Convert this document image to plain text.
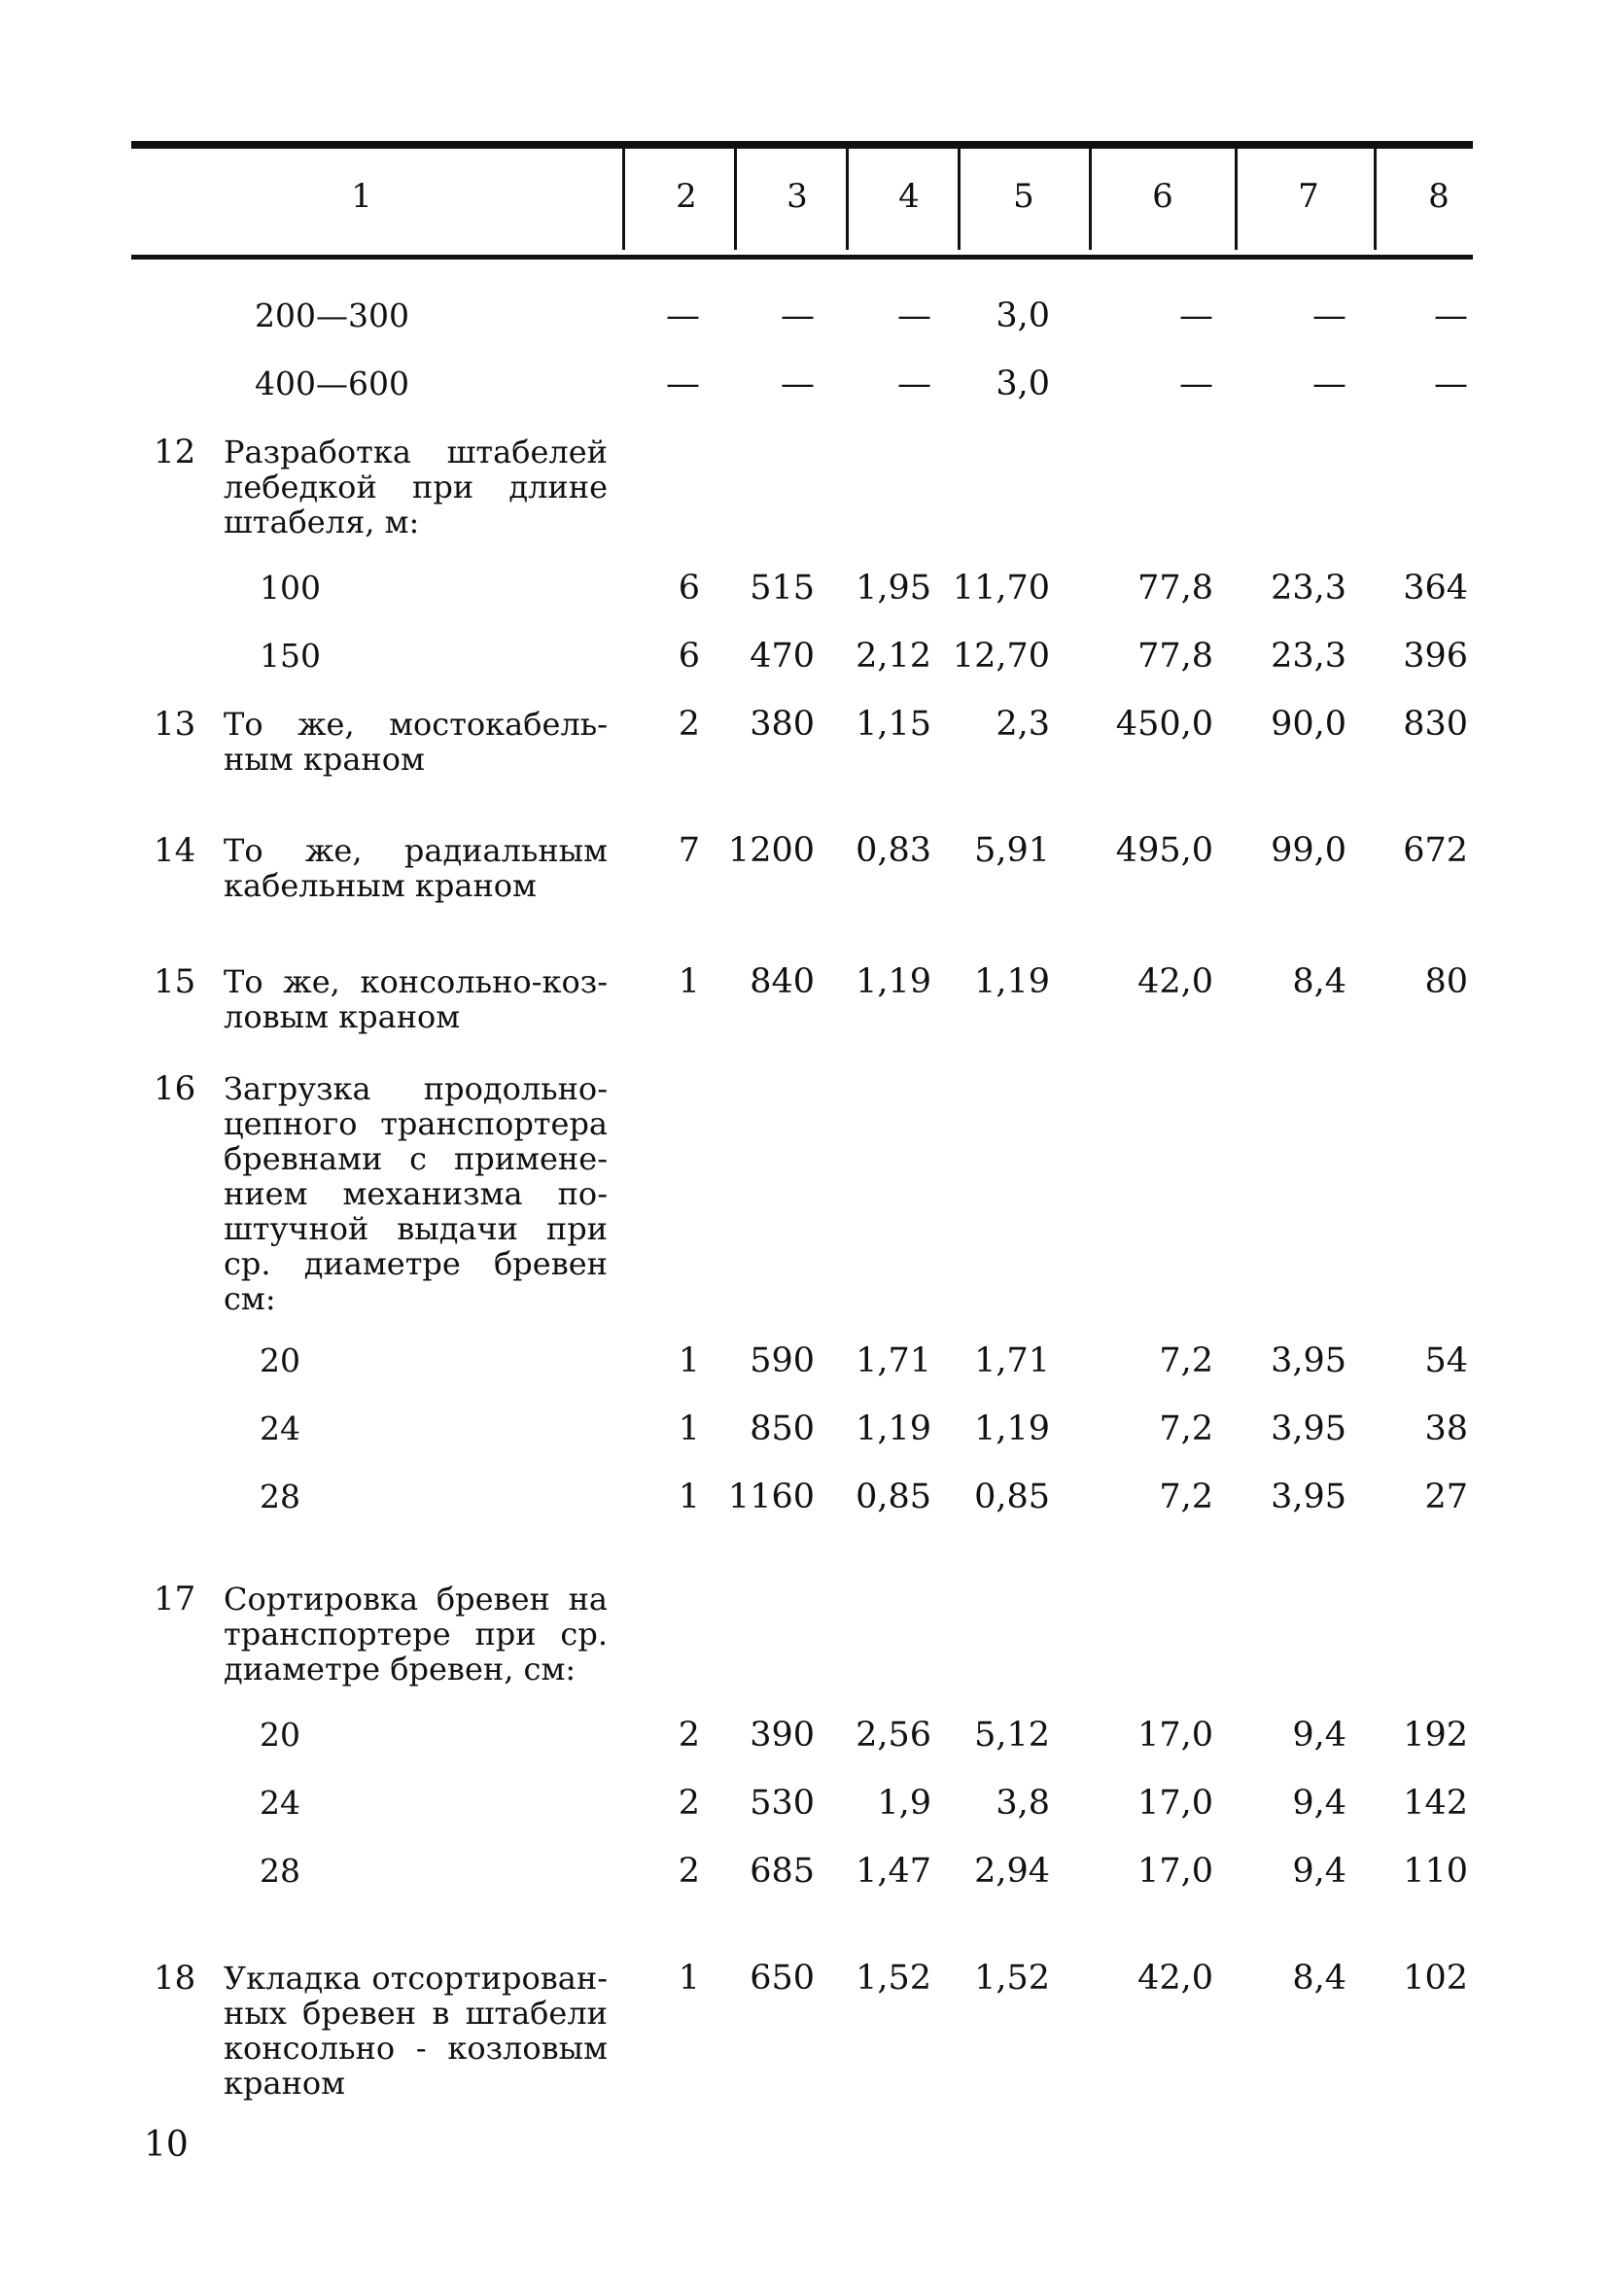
1	2	3	4	5	6	7	8
200—300	— — — 3,0	—	—	—
400—600	— — — 3,0	—	—	—
12 Разработка штабелей
лебедкой при длине
штабеля, м:
100	6 515 1,95 11,70	77,8 23,3 364
150	6 470 2,12 12,70	77,8 23,3 396
13 То же, мостокабель-
ным краном
2 380 1,15 2,3 450,0 90,0 830
14 То же, радиальным
кабельным краном
7 1200 0,83 5,91 495,0 99,0 672
15 То же, консольно-коз-
ловым краном
1 840 1,19 1,19	42,0 8,4 80
16 Загрузка продольно-
цепного транспортера
бревнами с примене-
нием механизма по-
штучной выдачи при
ср. диаметре бревен
см:
20	1 590 1,71 1,71	7,2 3,95 54
24	1 850 1,19 1,19	7,2 3,95 38
28	1 1160 0,85 0,85	7,2 3,95 27
17 Сортировка бревен на
транспортере при ср.
диаметре бревен, см:
20	2 390 2,56 5,12	17,0 9,4 192
24	2 530 1,9 3,8	17,0 9,4 142
28	2 685 1,47 2,94	17,0 9,4 110
18 Укладка отсортирован-
ных бревен в штабели
консольно - козловым
краном
1 650 1,52 1,52	42,0 8,4 102
10
